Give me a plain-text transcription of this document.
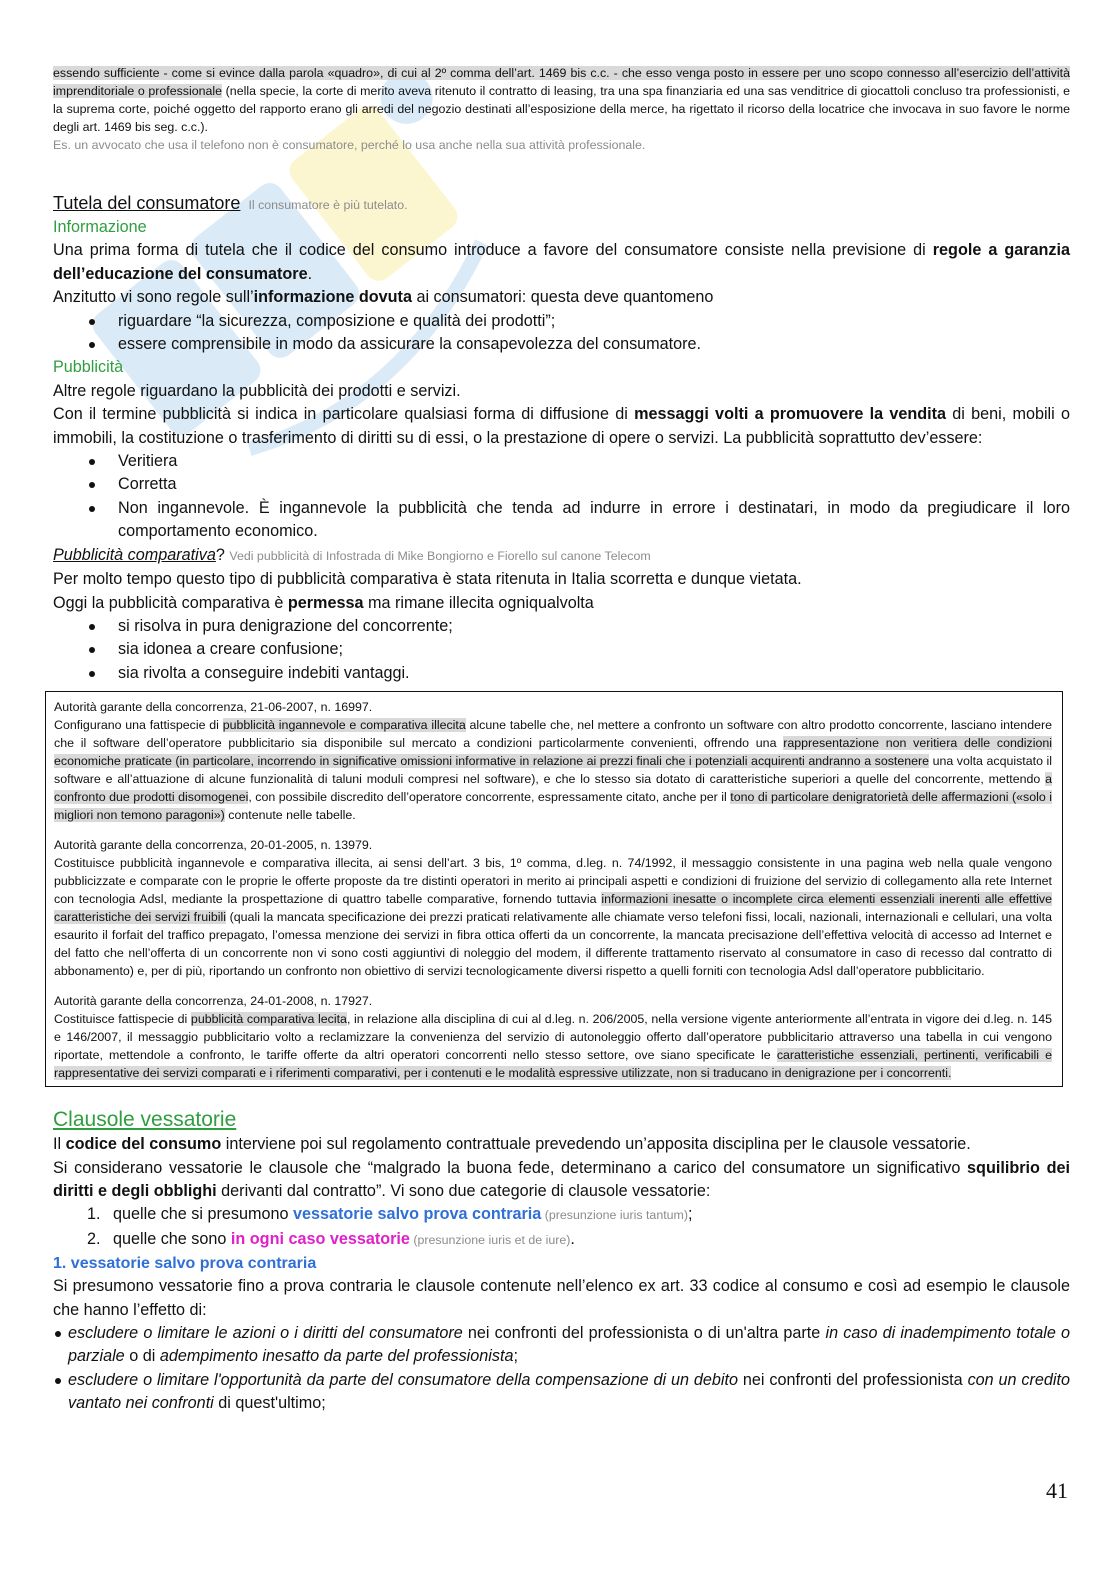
essendo sufficiente - come si evince dalla parola «quadro», di cui al 2º comma dell’art. 1469 bis c.c. - che esso venga posto in essere per uno scopo connesso all’esercizio dell’attività imprenditoriale o professionale (nella specie, la corte di merito aveva ritenuto il contratto di leasing, tra una spa finanziaria ed una sas venditrice di giocattoli concluso tra professionisti, e la suprema corte, poiché oggetto del rapporto erano gli arredi del negozio destinati all’esposizione della merce, ha rigettato il ricorso della locatrice che invocava in suo favore le norme degli art. 1469 bis seg. c.c.).

Es. un avvocato che usa il telefono non è consumatore, perché lo usa anche nella sua attività professionale.

Tutela del consumatore Il consumatore è più tutelato.

Informazione

Una prima forma di tutela che il codice del consumo introduce a favore del consumatore consiste nella previsione di regole a garanzia dell’educazione del consumatore.

Anzitutto vi sono regole sull’informazione dovuta ai consumatori: questa deve quantomeno

riguardare “la sicurezza, composizione e qualità dei prodotti”;
essere comprensibile in modo da assicurare la consapevolezza del consumatore.

Pubblicità

Altre regole riguardano la pubblicità dei prodotti e servizi.

Con il termine pubblicità si indica in particolare qualsiasi forma di diffusione di messaggi volti a promuovere la vendita di beni, mobili o immobili, la costituzione o trasferimento di diritti su di essi, o la prestazione di opere o servizi. La pubblicità soprattutto dev’essere:

Veritiera
Corretta
Non ingannevole. È ingannevole la pubblicità che tenda ad indurre in errore i destinatari, in modo da pregiudicare il loro comportamento economico.

Pubblicità comparativa? Vedi pubblicità di Infostrada di Mike Bongiorno e Fiorello sul canone Telecom

Per molto tempo questo tipo di pubblicità comparativa è stata ritenuta in Italia scorretta e dunque vietata.

Oggi la pubblicità comparativa è permessa ma rimane illecita ogniqualvolta

si risolva in pura denigrazione del concorrente;
sia idonea a creare confusione;
sia rivolta a conseguire indebiti vantaggi.

Autorità garante della concorrenza, 21-06-2007, n. 16997.

Configurano una fattispecie di pubblicità ingannevole e comparativa illecita alcune tabelle che, nel mettere a confronto un software con altro prodotto concorrente, lasciano intendere che il software dell’operatore pubblicitario sia disponibile sul mercato a condizioni particolarmente convenienti, offrendo una rappresentazione non veritiera delle condizioni economiche praticate (in particolare, incorrendo in significative omissioni informative in relazione ai prezzi finali che i potenziali acquirenti andranno a sostenere una volta acquistato il software e all’attuazione di alcune funzionalità di taluni moduli compresi nel software), e che lo stesso sia dotato di caratteristiche superiori a quelle del concorrente, mettendo a confronto due prodotti disomogenei, con possibile discredito dell’operatore concorrente, espressamente citato, anche per il tono di particolare denigratorietà delle affermazioni («solo i migliori non temono paragoni») contenute nelle tabelle.

Autorità garante della concorrenza, 20-01-2005, n. 13979.

Costituisce pubblicità ingannevole e comparativa illecita, ai sensi dell’art. 3 bis, 1º comma, d.leg. n. 74/1992, il messaggio consistente in una pagina web nella quale vengono pubblicizzate e comparate con le proprie le offerte proposte da tre distinti operatori in merito ai principali aspetti e condizioni di fruizione del servizio di collegamento alla rete Internet con tecnologia Adsl, mediante la prospettazione di quattro tabelle comparative, fornendo tuttavia informazioni inesatte o incomplete circa elementi essenziali inerenti alle effettive caratteristiche dei servizi fruibili (quali la mancata specificazione dei prezzi praticati relativamente alle chiamate verso telefoni fissi, locali, nazionali, internazionali e cellulari, una volta esaurito il forfait del traffico prepagato, l’omessa menzione dei servizi in fibra ottica offerti da un concorrente, la mancata precisazione dell’effettiva velocità di accesso ad Internet e del fatto che nell’offerta di un concorrente non vi sono costi aggiuntivi di noleggio del modem, il differente trattamento riservato al consumatore in caso di recesso dal contratto di abbonamento) e, per di più, riportando un confronto non obiettivo di servizi tecnologicamente diversi rispetto a quelli forniti con tecnologia Adsl dall’operatore pubblicitario.

Autorità garante della concorrenza, 24-01-2008, n. 17927.

Costituisce fattispecie di pubblicità comparativa lecita, in relazione alla disciplina di cui al d.leg. n. 206/2005, nella versione vigente anteriormente all’entrata in vigore dei d.leg. n. 145 e 146/2007, il messaggio pubblicitario volto a reclamizzare la convenienza del servizio di autonoleggio offerto dall’operatore pubblicitario attraverso una tabella in cui vengono riportate, mettendole a confronto, le tariffe offerte da altri operatori concorrenti nello stesso settore, ove siano specificate le caratteristiche essenziali, pertinenti, verificabili e rappresentative dei servizi comparati e i riferimenti comparativi, per i contenuti e le modalità espressive utilizzate, non si traducano in denigrazione per i concorrenti.

Clausole vessatorie

Il codice del consumo interviene poi sul regolamento contrattuale prevedendo un’apposita disciplina per le clausole vessatorie.

Si considerano vessatorie le clausole che “malgrado la buona fede, determinano a carico del consumatore un significativo squilibrio dei diritti e degli obblighi derivanti dal contratto”. Vi sono due categorie di clausole vessatorie:

1. quelle che si presumono vessatorie salvo prova contraria (presunzione iuris tantum);
2. quelle che sono in ogni caso vessatorie (presunzione iuris et de iure).

1. vessatorie salvo prova contraria

Si presumono vessatorie fino a prova contraria le clausole contenute nell’elenco ex art. 33 codice al consumo e così ad esempio le clausole che hanno l’effetto di:

escludere o limitare le azioni o i diritti del consumatore nei confronti del professionista o di un'altra parte in caso di inadempimento totale o parziale o di adempimento inesatto da parte del professionista;
escludere o limitare l'opportunità da parte del consumatore della compensazione di un debito nei confronti del professionista con un credito vantato nei confronti di quest'ultimo;
41
